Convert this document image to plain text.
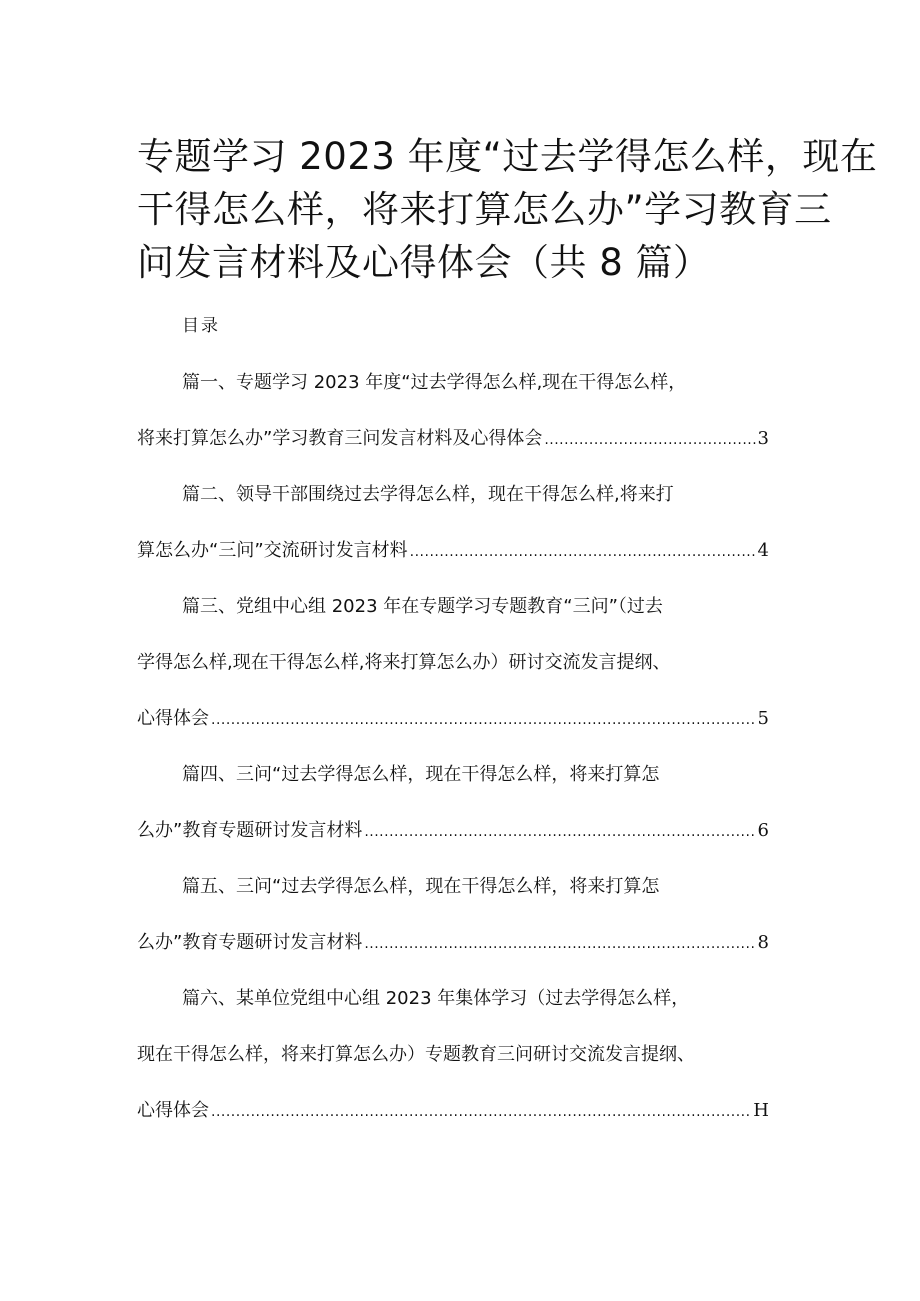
专题学习 2023 年度“过去学得怎么样，现在
干得怎么样，将来打算怎么办”学习教育三
问发言材料及心得体会（共 8 篇）
目录
篇一、专题学习 2023 年度“过去学得怎么样,现在干得怎么样，
将来打算怎么办”学习教育三问发言材料及心得体会 .....	3
篇二、领导干部围绕过去学得怎么样，现在干得怎么样,将来打
算怎么办“三问”交流研讨发言材料 .....	4
篇三、党组中心组 2023 年在专题学习专题教育“三问”（过去
学得怎么样,现在干得怎么样,将来打算怎么办）研讨交流发言提纲、
心得体会 .....	5
篇四、三问“过去学得怎么样，现在干得怎么样，将来打算怎
么办”教育专题研讨发言材料 .....	6
篇五、三问“过去学得怎么样，现在干得怎么样，将来打算怎
么办”教育专题研讨发言材料 .....	8
篇六、某单位党组中心组 2023 年集体学习（过去学得怎么样，
现在干得怎么样，将来打算怎么办）专题教育三问研讨交流发言提纲、
心得体会 .....	H
